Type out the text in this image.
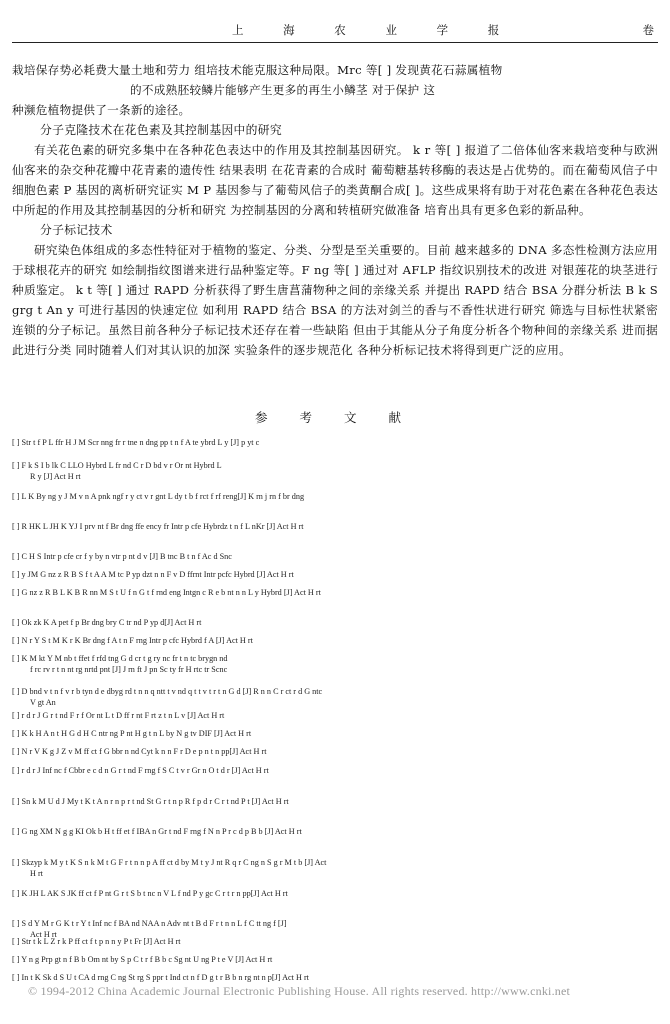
上 海 农 业 学 报	卷

栽培保存势必耗费大量土地和劳力 组培技术能克服这种局限。Mrc 等[ ] 发现黄花石蒜属植物

的不成熟胚较鳞片能够产生更多的再生小鳞茎 对于保护 这

种濒危植物提供了一条新的途径。

分子克隆技术在花色素及其控制基因中的研究

有关花色素的研究多集中在各种花色表达中的作用及其控制基因研究。 k r 等[ ] 报道了二倍体仙客来栽培变种与欧洲仙客来的杂交种花瓣中花青素的遗传性 结果表明 在花青素的合成时 葡萄糖基转移酶的表达是占优势的。而在葡萄风信子中 细胞色素 P 基因的离析研究证实 M P 基因参与了葡萄风信子的类黄酮合成[ ]。这些成果将有助于对花色素在各种花色表达中所起的作用及其控制基因的分析和研究 为控制基因的分离和转植研究做准备 培育出具有更多色彩的新品种。

分子标记技术

研究染色体组成的多态性特征对于植物的鉴定、分类、分型是至关重要的。目前 越来越多的 DNA 多态性检测方法应用于球根花卉的研究 如绘制指纹图谱来进行品种鉴定等。F ng 等[ ] 通过对 AFLP 指纹识别技术的改进 对银莲花的块茎进行种质鉴定。 k t 等[ ] 通过 RAPD 分析获得了野生唐菖蒲物种之间的亲缘关系 并提出 RAPD 结合 BSA 分群分析法 B k S grg t An y 可进行基因的快速定位 如利用 RAPD 结合 BSA 的方法对剑兰的香与不香性状进行研究 筛选与目标性状紧密连锁的分子标记。虽然目前各种分子标记技术还存在着一些缺陷 但由于其能从分子角度分析各个物种间的亲缘关系 进而据此进行分类 同时随着人们对其认识的加深 实验条件的逐步规范化 各种分析标记技术将得到更广泛的应用。

参 考 文 献
[ ] Str t f P L ffr H J M Scr nng fr r tne n dng pp t n f A te ybrd L y [J] p yt c
[ ] F k S I b lk C LLO Hybrd L fr nd C r D bd v r Or nt Hybrd L

R y [J] Act H rt
[ ] L K By ng y J M v n A pnk ngf r y ct v r gnt L dy t b f rct f rf reng[J] K rn j rn f br dng
[ ] R HK L JH K YJ I prv nt f Br dng ffe ency fr Intr p cfe Hybrdz t n f L nKr [J] Act H rt
[ ] C H S Intr p cfe cr f y by n vtr p nt d v [J] B tnc B t n f Ac d Snc
[ ] y JM G nz z R B S f t A A M tc P yp dzt n n F v D ffrnt Intr pcfc Hybrd [J] Act H rt
[ ] G nz z R B L K B R nn M S t U f n G t f rnd eng Intgn c R e b nt n n L y Hybrd [J] Act H rt
[ ] Ok zk K A pet f p Br dng bry C tr nd P yp d[J] Act H rt
[ ] N r Y S t M K r K Br dng f A t n F rng Intr p cfc Hybrd f A [J] Act H rt
[ ] K M kt Y M nb t ffet f rfd tng G d cr t g ry nc fr t n tc brygn nd

f rc rv r t n nt rg nrtd pnt [J] J rn ft J pn Sc ty fr H rtc tr Scnc
[ ] D bnd v t n f v r b tyn d e dbyg rd t n n q ntt t v nd q t t v t r t n G d [J] R n n C r ct r d G ntc

V gt An
[ ] r d r J G r t nd F r f Or nt L t D ff r nt F rt z t n L v [J] Act H rt
[ ] K k H A n t H G d H C ntr ng P nt H g t n L by N g tv DIF [J] Act H rt
[ ] N r V K g J Z v M ff ct f G bbr n nd Cyt k n n F r D e p n t n pp[J] Act H rt
[ ] r d r J Inf nc f Cbbr e c d n G r t nd F rng f S C t v r Gr n O t d r [J] Act H rt
[ ] Sn k M U d J My t K t A n r n p r t nd St G r t n p R f p d r C r t nd P t [J] Act H rt
[ ] G ng XM N g g KI Ok b H t ff et f IBA n Gr t nd F rng f N n P r c d p B b [J] Act H rt
[ ] Skzyp k M y t K S n k M t G F r t n n p A ff ct d by M t y J nt R q r C ng n S g r M t b [J] Act

H rt
[ ] K JH L AK S JK ff ct f P nt G r t S b t nc n V L f nd P y gc C r t r n pp[J] Act H rt
[ ] S d Y M r G K t r Y t Inf nc f BA nd NAA n Adv nt t B d F r t n n L f C tt ng f [J]

Act H rt
[ ] Str t k L Z r k P ff ct f t p n n y P t Fr [J] Act H rt
[ ] Y n g Prp gt n f B b Om nt by S p C t r f B b c Sg nt U ng P t e V [J] Act H rt
[ ] In t K Sk d S U t CA d rng C ng St rg S ppr t Ind ct n f D g t r B b n rg nt n p[J] Act H rt
© 1994-2012 China Academic Journal Electronic Publishing House. All rights reserved. http://www.cnki.net
